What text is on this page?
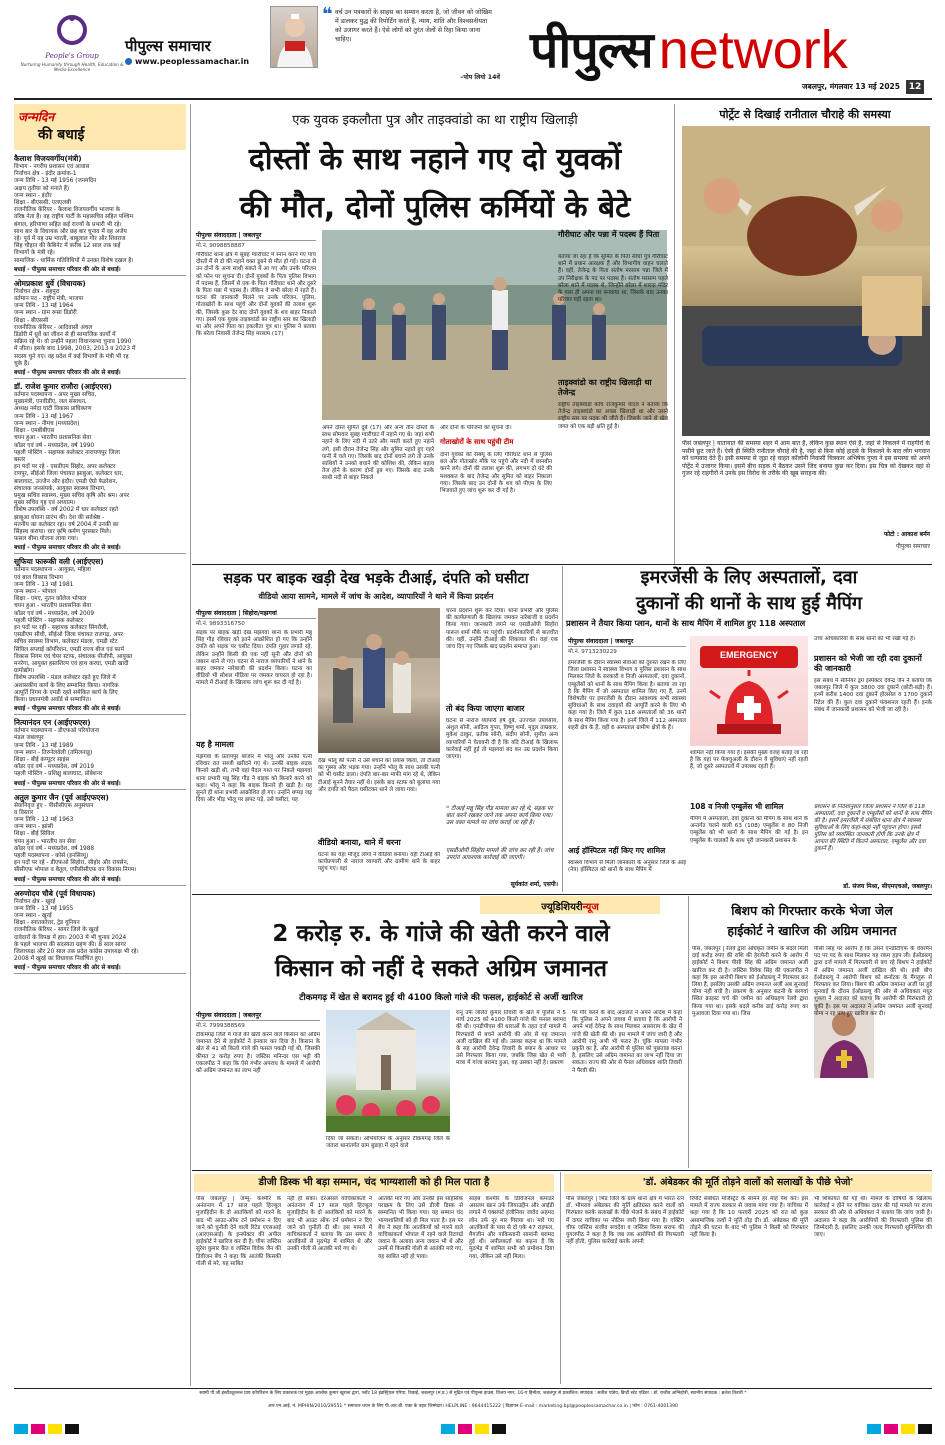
People's Group
Nurturing Humanity through Health, Education & Media Excellence
पीपुल्स समाचार
www.peoplessamachar.in
❝ वर्च उन पत्रकारों के साहस का सम्मान करता है, जो जीवन को जोखिम में डालकर युद्ध की रिपोर्टिंग करते हैं, न्याय, शांति और विश्वसनीयता को उजागर करते हैं। ऐसे लोगों को तुरंत जेलों से रिहा किया जाना चाहिए।
–पोप लियो 14वें पीपुल्स network
जबलपुर, मंगलवार 13 मई 2025 12
जन्मदिन
की बधाई
कैलाश विजयवर्गीय(मंत्री)
विभाग - नगरीय प्रशासन एवं आवास
निर्वाचन क्षेत्र - इंदौर क्रमांक-1
जन्म तिथि - 13 मई 1956 (जनमदिन
अक्षय तृतीया को मनाते हैं)
जन्म स्थान - इंदौर
शिक्षा - बीएससी, एलएलबी
राजनीतिक कॅरियर - कैलाश विजयवर्गीय भाजपा के
वरिष्ठ नेता हैं। वह राष्ट्रीय पार्टी के महासचिव सहित पश्चिम
बंगाल, हरियाणा सहित कई राज्यों के प्रभारी भी रहे।
साथ बार के विधायक और छह बार चुनाव में वह अजेय
रहे। पूर्व में वह उम्र भारती, बाबूलाल गौर और शिवराज
सिंह चौहान की कैबिनेट में करीब 12 साल तक कई
विभागों के मंत्री रहे।
सामाजिक - धार्मिक गतिविधियों में उनका विशेष दखल है।
बधाई - पीपुल्स समाचार परिवार की ओर से बधाई।
ओमप्रकाश धुर्वे (विधायक)
निर्वाचन क्षेत्र - शहपुरा
वर्तमान पद - राष्ट्रीय मंत्री, भाजपा
जन्म तिथि - 13 मई 1964
जन्म स्थान - ग्राम रूसा डिंडोरी
शिक्षा - बीएससी
राजनीतिक कॅरियर - आदिवासी अंचल
डिंडोरी में धुर्वे का जीवन से ही सामाजिक कार्यों में
सक्रिय रहे थे। वो उन्होंने पहला विधानसभा चुनाव 1990
में जीता। इसके बाद 1998, 2003, 2013 व 2023 में
सदस्य चुने गए। वह प्रदेश में कई विभागों के मंत्री भी रह
चुके हैं।
बधाई - पीपुल्स समाचार परिवार की ओर से बधाई।
डॉ. राजेश कुमार राजौरा (आईएएस)
वर्तमान पदस्थापना - अपर मुख्य सचिव,
मुख्यमंत्री, एनवीडीए, जल संसाधन,
अध्यक्ष नर्मदा घाटी विकास प्राधिकरण
जन्म तिथि - 13 मई 1967
जन्म स्थान - नीमच (मध्यप्रदेश)
शिक्षा - एमबीबीएस
चयन हुआ - भारतीय प्रशासनिक सेवा
कॉडर एवं वर्ष - मध्यप्रदेश, वर्ष 1990
पहली पोस्टिंग - सहायक कलेक्टर नारायणपुर जिला
बस्तर
इन पदों पर रहे - एसडीएम सिहोर, अपर कलेक्टर
रायपुर, सीईओ जिला पंचायत झाबुआ, कलेक्टर धार,
बालाघाट, उज्जैन और इंदौर। एमडी ऐग्रो फेडरेशन,
संचालक जनसंपर्क, आयुक्त स्वास्थ्य विभाग,
प्रमुख सचिव स्वास्थ्य, मुख्य सचिव कृषि और श्रम। अपर
मुख्य सचिव गृह एवं अध्यात्म।
विशेष उपलब्धि - वर्ष 2002 में धार कलेक्टर रहते
झाबुआ धोवना प्रारंभ की। देश की सर्वश्रेष्ठ -
मतनीय का कलेक्टर रहा। वर्ष 2004 में उनकी का
सिंहस्थ कराया। धार कृषि कर्मण पुरस्कार मिले।
फसल बीमा योजना लाया गया।
बधाई - पीपुल्स समाचार परिवार की ओर से बधाई।
सूफिया फारूकी वली (आईएएस)
वर्तमान पदस्थापना - आयुक्त, महिला
एवं बाल विकास विभाग
जन्म तिथि - 13 मई 1981
जन्म स्थान - भोपाल
शिक्षा - एमए, नूतन कॉलेज भोपाल
चयन हुआ - भारतीय प्रशासनिक सेवा
कॉडर एवं वर्ष - मध्यप्रदेश, वर्ष 2009
पहली पोस्टिंग - सहायक कलेक्टर
इन पदों पर रहीं - सहायक कलेक्टर सिंगरौली,
एसडीएम सीधी, सीईओ जिला पंचायत राजगढ़, अपर
सचिव स्वास्थ्य विभाग, कलेक्टर मंडला, एमडी स्टेट
सिविल सप्लाई कॉर्पोरेशन, एमडी राज्य बीज एवं फार्म
विकास निगम एवं चेयर स्टाफ, संचालक पीजीपी, आयुक्त
मनरेगा, आयुक्त हस्तशिल्प एवं हाथ करघा, एमडी खादी
ग्रामोद्योग।
विशेष उपलब्धि - मंडल कलेक्टर रहते हुए जिले में
अशासकीय कार्य के लिए सम्मानित किया। नागरिक
आपूर्ति निगम के एमडी रहते समेकित कार्य के लिए
किया। प्रधानमंत्री अवॉर्ड से सम्मानित।
बधाई - पीपुल्स समाचार परिवार की ओर से बधाई।
नित्यानंदन एन (आईएफएस)
वर्तमान पदस्थापना - डीएफओ परियोजना
मंडल जबलपुर
जन्म तिथि - 13 मई 1989
जन्म स्थान - तिरुनेलवेली (तमिलनाडु)
शिक्षा - बीई कंप्यूटर साइंस
कॉडर एवं वर्ष - मध्यप्रदेश, वर्ष 2019
पहली पोस्टिंग - प्रशिक्षु बालाघाट, प्रोबेशनर
बधाई - पीपुल्स समाचार परिवार की ओर से बधाई।
अतुल कुमार जैन (पूर्व आईएफएस)
सेवानिवृत्त हुए - पीसीसीएफ अनुसंधान
व विस्तार
जन्म तिथि - 13 मई 1963
जन्म स्थान - झांसी
शिक्षा - बीई सिविल
चयन हुआ - भारतीय वन सेवा
कॉडर एवं वर्ष - मध्यप्रदेश, वर्ष 1988
पहली पदस्थापना - कोर्स (इनसिव्यू)
इन पदों पर रहे - डीएफओ सिहोरा, सीहोर और रायसेन,
सीसीएफ भोपाल व बैतूल, एपीसीसीएफ वन विकास निगम।
बधाई - पीपुल्स समाचार परिवार की ओर से बधाई।
अरुणोदय चौबे (पूर्व विधायक)
निर्वाचन क्षेत्र - खुरई
जन्म तिथि - 13 मई 1955
जन्म स्थान - खुरई
शिक्षा - स्नातकोत्तर, ट्रेड यूनियन
राजनीतिक कॅरियर - सागर जिले के खुरई
दावेदारों के विपक्ष में हार। 2003 में भी चुनाव 2024
के पहले भाजपा की सदस्यता ग्रहण की। 8 साल सागर
जिलाध्यक्ष और 20 साल तक प्रदेश कांग्रेस उपाध्यक्ष भी रहे।
2008 में खुरई का विधायक निर्वाचित हुए।
बधाई - पीपुल्स समाचार परिवार की ओर से बधाई।
एक युवक इकलौता पुत्र और ताइक्वांडो का था राष्ट्रीय खिलाड़ी
दोस्तों के साथ नहाने गए दो युवकों
की मौत, दोनों पुलिस कर्मियों के बेटे
पीपुल्स संवाददाता | जबलपुर
मो.नं. 9098858887
गौरीघाट थाना क्षेत्र में सुबह ग्वारीघाट में स्नान करने गए पांच दोस्तों में से दो की नहाने वक्त डूबने से मौत हो गई। घटना से उन दोनों के अन्य साथी सकते में आ गए और उनके परिजन को फोन पर सूचना दी। दोनों युवकों के पिता पुलिस विभाग में पदस्थ हैं, जिसमें से एक के पिता गौरीघाट थाने और दूसरे के पिता पन्ना में पदस्थ हैं। लेकिन वे सभी बरेला में रहते हैं। घटना की जानकारी मिलने पर उनके परिजन, पुलिस, गोताखोरों के साथ पहुंचे और दोनों युवकों की तलाश शुरू की, जिसके कुछ देर बाद दोनों युवकों के शव बाहर निकाले गए। इसमें एक युवक ताइक्वांडो का राष्ट्रीय स्तर का खिलाड़ी था और अपने पिता का इकलौता पुत्र था। पुलिस ने बताया कि बरेला निवासी तेजेन्द्र सिंह मरसाम (17)
अपने दोस्त सुमित दुबे (17) और अन्य तीन दोस्तों के साथ सोमवार सुबह ग्वारीघाट में नहाने गए थे। जहां सभी नहाने के लिए नदी में उतरे और मस्ती करते हुए नहाने लगे, इसी दौरान तेजेन्द्र सिंह और सुमित नहाते हुए गहरे पानी में चले गए। जिसके बाद दोनों बचाने लगे तो उनके साथियों ने उनको बचाने की कोशिश की, लेकिन बहाव तेज होने के कारण दोनों डूब गए। जिसके बाद उनके साथी नदी से बाहर निकले
और दोनों के परिजनों को सूचना दी।
गोताखोरों के साथ पहुंची टीम
दोनों युवकों की रेस्क्यू के लिए गौरीघाट थाने से पुलिस बल और गोताखोर मौके पर पहुंचे और नदी में छानबीन करने लगे। दोनों की तलाश शुरू की, लगभग दो घंटे की मशक्कत के बाद तेजेन्द्र और सुमित को बाहर निकाला गया। जिसके बाद उन दोनों के शव को पीएम के लिए भिजवाते हुए जांच शुरू कर दी गई है।
गौरीघाट और पन्ना में पदस्थ हैं पिता
बताया जा रहा है कि सुमित के पिता सीधी पुत्र गौरीघाट थाने में प्रधान आरक्षक हैं और विभागीय वाहन चलाते हैं। वहीं, तेजेन्द्र के पिता संतोष मरसाम पन्ना जिले में उप निरीक्षक के पद पर पदस्थ हैं। संतोष मरसाम पहले बरेला थाने में पदस्थ थे, जिन्होंने बरेला में शारदा मंदिर के पास ही अपना घर बनवाया था, जिसके बाद उनका परिवार यहीं रहता था।
ताइक्वांडो का राष्ट्रीय खिलाड़ी था तेजेन्द्र
राष्ट्रीय ताइक्वांडो कोच राजकुमार यादव ने बताया कि तेजेन्द्र ताइक्वांडो का अच्छा खिलाड़ी था और उसने राष्ट्रीय स्तर पर पदक भी जीते हैं। जिसके जाने से खेल जगत को एक बड़ी क्षति हुई है।
पोर्ट्रेट से दिखाई रानीताल चौराहे की समस्या
पीसं जबलपुर | यातायात की समस्या शहर में आम बात है, लेकिन कुछ स्थान ऐसे हैं, जहां से निकलने में राहगीरों के पसीने छूट जाते हैं। ऐसी ही स्थिति रानीताल चौराहे की है, जहां से बिना कोई हादसे के निकलने के बाद लोग भगवान को धन्यवाद देते हैं। इसी समस्या से जुड़ा रहे चाहत कॉलोनी निवासी चित्रकार अभिषेक गुप्ता ने इस समस्या को अपने पोर्ट्रेट में उजागर किया। इसमें बीच सड़क में बैठकर उसने जिंद बनाया कुछ कर दिया। इस चित्र को देखकर वहां से गुजर रहे राहगीरों ने उनके इस विरोध के तरीके की खूब सराहना की।
फोटो : आकाश बर्मन
पीपुल्स समाचार
सड़क पर बाइक खड़ी देख भड़के टीआई, दंपति को घसीटा
वीडियो आया सामने, मामले में जांच के आदेश, व्यापारियों ने थाने में किया प्रदर्शन
पीपुल्स संवाददाता | सिहोरा/मझगवां
मो.नं. 9893316750
सड़क पर बाइक खड़ी देख मझगवां थाना के प्रभारी मन्नू सिंह गौड़ रविवार को इतने आक्रोशित हो गए कि उन्होंने दंपति को सड़क पर घसीट दिया। दंपति गुहार लगाते रहे, लेकिन उन्होंने किसी की एक नहीं सुनी और दोनों को जबरन थाने ले गए। घटना से नाराज व्यापारियों ने थाने के बाहर जमकर नारेबाजी की प्रदर्शन किया। घटना का वीडियो भी सोशल मीडिया पर जमकर वायरल हो रहा है। मामले में टीआई के खिलाफ जांच शुरू कर दी गई है।
यह है मामला
मझगवां के प्रतापपुर बाजार में भोलू और उनकी पत्नी रविवार रात सब्जी खरीदने गए थे। उनकी बाइक सड़क किनारे खड़ी थी, तभी वहां पैदल गश्त पर निकले मझगवां थाना प्रभारी मन्नू सिंह गौड़ ने बाइक को किनारे करने को कहा। भोलू ने कहा कि बाइक किनारे ही खड़ी है। यह सुनते ही थाना प्रभारी आक्रोशित हो गए। उन्होंने थप्पड़ जड़ दिया और भीड़ भोलू पर झपट पड़े, उसे घसीटा, यह
देख भोलू की पत्नी ने उसे बचाने का प्रयास किया, तो टीआई का गुस्सा और भड़क गया। उन्होंने भोलू के साथ उसकी पत्नी को भी घसीट डाला। दंपति बार-बार माफी मांग रहे थे, लेकिन टीआई सुनने तैयार नहीं थे। इसके बाद स्टाफ को बुलाया गया और दंपति को पैदल घसीटकर थाने ले जाया गया।
वीडियो बनाया, थाने में धरना
घटना का वहां मौजूद लोगों ने वीडियो बनाया। वहीं टीआई की कार्यप्रणाली से नाराज व्यापारी और ग्रामीण थाने के बाहर पहुंच गए। वहां
धरना प्रदर्शन शुरू कर दिया। थाना प्रभारी और पुलिस की कार्यप्रणाली के खिलाफ जमकर नारेबाजी व प्रदर्शन किया गया। जानकारी लगने पर एसडीओपी सिहोरा पारूल शर्मा मौके पर पहुंचीं। प्रदर्शनकारियों से बातचीत की। वहीं, उन्होंने टीआई की शिकायत की। वहां एक जांच दिए गए जिसके बाद प्रदर्शन समाप्त हुआ।
तो बंद किया जाएगा बाजार
घटना से नाराज व्यापारी हर्ष दुबे, उज्ज्वल उपाध्याय, अंशुल सोनी, आदित्य गुप्ता, विष्णु शर्मा, मृदुल ताम्रकार, मुकेश ठाकुर, प्रतीक सोनी, संदीप सोनी, सुमीत अन्य व्यापारियों ने चेतावनी दी है कि यदि टीआई के खिलाफ कार्रवाई नहीं हुई तो मझगवां बंद कर उग्र प्रदर्शन किया जाएगा।
❝ टीआई मन्नू सिंह गौड़ मामला कर रहे थे, सड़क पर बात करने रखकर जाने तक अपना कार्य किया गया। उस वक्त मामले पर जांच कराई जा रही है।
एसडीओपी सिहोरा मामले की जांच कर रही हैं। जांच उपरांत आवश्यक कार्रवाई की जाएगी।
सूर्यकांत शर्मा, एसपी।
इमरजेंसी के लिए अस्पतालों, दवा
दुकानों की थानों के साथ हुई मैपिंग
प्रशासन ने तैयार किया प्लान, थानों के साथ मैपिंग में शामिल हुए 118 अस्पताल
पीपुल्स संवाददाता | जबलपुर
मो.नं. 9713230229	EMERGENCY
इमरजेंसी के दौरान स्वास्थ्य सेवाओं को दुरुस्त रखने के लिए जिला प्रशासन ने स्वास्थ्य विभाग व पुलिस प्रशासन के साथ मिलकर जिले के सरकारी व निजी अस्पतालों, दवा दुकानों, एम्बुलेंसों को थानों के साथ मैपिंग किया है। बताया जा रहा है कि मैपिंग में जो अस्पताल शामिल किए गए हैं, उनमें विशेषतौर पर इमरजेंसी के दौरान आवश्यक सभी स्वास्थ्य सुविधाओं के साथ दवाइयों की आपूर्ति करने के लिए भी कहा गया है। जिले में कुल 118 अस्पतालों को 36 थानों के साथ मैपिंग किया गया है। इनमें जिले में 112 अस्पताल शहरी क्षेत्र के हैं, वहीं 6 अस्पताल ग्रामीण क्षेत्रों के हैं।
आई हॉस्पिटल नहीं किए गए शामिल
स्वास्थ्य विभाग से मिली जानकारी के अनुसार जिले के आई (नेत्र) हॉस्पिटल को थानों के साथ मैपिंग में
शामिल नहीं किया गया है। इसकी मुख्य वजह बताई जा रही है कि यहां पर फेक्चुअली के दौरान ये सुविधाएं नहीं रहती हैं, जो दूसरे अस्पतालों में उपलब्ध रहती हैं।
108 व निजी एम्बुलेंस भी शामिल
मैपिंग में अस्पतालों, दवा दुकानों को मैपिंग के साथ थाने के अन्तर्गत चलने वाली 63 (108) एम्बुलेंस व 80 निजी एम्बुलेंस को भी थानों के साथ मैपिंग की गई है। इन एम्बुलेंस के चालकों के साथ पूरी जानकारी प्रशासन के
उच्च अधिकारियों के साथ थानों को भी रखी गई है।
प्रशासन को भेजी जा रही दवा दुकानों की जानकारी
इस संबंध में सीनियर ड्रग इंस्पेक्टर देवेन्द्र जैन ने बताया कि जबलपुर जिले में कुल 3800 दवा दुकानें (छोटी-बड़ी) हैं। इनमें करीब 1400 दवा दुकानें होलसेल व 1700 दुकानें रिटेल की हैं। कुल दवा दुकानें फंक्शनल रहती हैं। इनके संबंध में जानकारी प्रशासन को भेजी जा रही है।
प्रशासन के निर्देशानुसार जिला प्रशासन ने जिले के 118 अस्पतालों, दवा दुकानों व एम्बुलेंसों को थानों के साथ मैपिंग की है। इसमें इमरजेंसी में संबंधित थाना क्षेत्र में स्वास्थ्य सुविधाओं के लिए कहां-कहां नहीं पहुंचना होगा। इससे पुलिस को व्यवस्थित जानकारी होगी कि उनके क्षेत्र में आपात की स्थिति में कितने अस्पताल, एम्बुलेंस और दवा दुकानें हैं।
डॉ. संजय मिश्रा, सीएमएचओ, जबलपुर।
ज्यूडिशियरीन्यूज
2 करोड़ रु. के गांजे की खेती करने वाले
किसान को नहीं दे सकते अग्रिम जमानत
टीकमगढ़ में खेत से बरामद हुई थी 4100 किलो गांजे की फसल, हाईकोर्ट से अर्जी खारिज
पीपुल्स संवाददाता | जबलपुर
मो.नं. 7999388569
टीकमगढ़ जिले में गांजे की खेती करने वाले किसान को अग्रिम जमानत देने से हाईकोर्ट ने इनकार कर दिया है। किसान के खेत से 41 सौ किलो गांजे की फसल पकड़ी गई थी, जिसकी कीमत 2 करोड़ रुपए है। जस्टिस मनिन्दर एस भट्टी की एकलपीठ ने कहा कि ऐसे गंभीर अपराध के मामले में आरोपी को अग्रिम जमानत का लाभ नहीं
दिया जा सकता। अभियोजन के अनुसार टीकमगढ़ जिले के जतारा थानांतर्गत ग्राम बुडाहा में रहने वाले
रानू उर्फ ललित कुमार तिवारी के खेत में पुलिस ने 5 मार्च 2025 को 4100 किलो गांजे की फसल बरामद की थी। एनडीपीएस की धाराओं के तहत दर्ज मामले में गिरफ्तारी से बचने आरोपी की ओर से यह जमानत अर्जी दाखिल की गई थी। उसका कहना था कि मामले के सह आरोपी देवेन्द्र तिवारी के बयान के आधार पर उसे गिरफ्तार किया गया, जबकि जिस खेत से भारी मात्रा में गांजा बरामद हुआ, वह उसका नहीं है। प्रकरण
पर गौर करने के बाद अदालत ने अपने आदेश में कहा कि पुलिस ने अपने जवाब में बताया है कि आरोपी ने अपने भाई देवेन्द्र के साथ मिलकर आसाराम के खेत में गांजे की खेती की थी। इस मामले में जांच जारी है और आरोपी रानू अभी भी फरार है। चूंकि मामला गंभीर प्रकृति का है, और आरोपी से पुलिस को पूछताछ करना है, इसलिए उसे अग्रिम जमानत का लाभ नहीं दिया जा सकता। राज्य की ओर से पैनल अधिवक्ता शांति तिवारी ने पैरवी की।
बिशप को गिरफ्तार करके भेजा जेल
हाईकोर्ट ने खारिज की अग्रिम जमानत
पीसं, जबलपुर | रेलवे द्वारा अधिकृत जमीन के बदले मिली दाई करोड़ रुपए की राशि की हेराफेरी करने के आरोप में हाईकोर्ट ने बिशप पीसी सिंह की अग्रिम जमानत अर्जी खारिज कर दी है। जस्टिस विवेक सिंह की एकलपीठ ने कहा कि इस आरोपी बिशप को ईओडब्ल्यू ने गिरफ्तार कर लिया है, इसलिए उसकी अग्रिम जमानत अर्जी अब सुनवाई योग्य नहीं बची है। प्रकरण के अनुसार कटनी के बरगवां स्थित क्राइस्ट चर्च की जमीन का अधिग्रहण रेलवे द्वारा किया गया था। इसके बदले करीब ढाई करोड़ रुपए का मुआवजा दिया गया था। जिस
पीसी सिंह पर आरोप है कि उसने एनडीटीएफ के वेयरमैन पद पर पद के साथ मिलकर यह रकम हड़प ली। ईओडब्ल्यू द्वारा दर्ज मामले में गिरफ्तारी से बच रहे बिशप ने हाईकोर्ट में अग्रिम जमानत अर्जी दाखिल की थी। इसी बीच ईओडब्ल्यू ने आरोपी बिशप को कर्नाटक के मैंगलुरू से गिरफ्तार कर लिया। बिशप की अग्रिम जमानत अर्जी पर हुई सुनवाई के दौरान ईओडब्ल्यू की ओर से अधिवक्ता मधुर शुक्ला ने अदालत को बताया कि आरोपी की गिरफ्तारी हो चुकी है। इस पर अदालत ने अग्रिम जमानत अर्जी सुनवाई योग्य न रह पाए हुए खारिज कर दी।
डीजी डिस्क भी बड़ा सम्मान, चंद भाग्यशाली को ही मिल पाता है
पीसं जबलपुर | जम्मू- कश्मीर के अनंतनाग में 17 साल पहले हिज्बुल मुजाहिदीन के दो आतंकियों को मारने के बाद भी आउट-ऑफ टर्न प्रमोशन न दिए जाने को चुनौती देने वाली रिटेड एएसआई (आरएसआई) के इन्स्पेक्टर की अपील हाईकोर्ट ने खारिज कर दी है। चीफ जस्टिस सुरेश कुमार कैत व जस्टिस विवेक जैन की डिवीजन बेंच ने कहा कि आतंकी किसकी गोली से मरे, यह साबित
नहीं हो सका। दरअसल याचिकाकर्ता ने अनंतनाग में 17 साल पहले हिज्बुल मुजाहिदीन के दो आतंकियों को मारने के बाद भी आउट ऑफ टर्न प्रमोशन न दिए जाने को चुनौती दी थी। इस मामले में याचिकाकर्ता ने बताया कि उस समय वे आतंकियों से मुठभेड़ में शामिल थे और उनकी गोली से आतंकी मारे गए थे।
आतंकी मारे गए और उनकी इस साहसिक पराक्रम के लिए उसे डीजी डिस्क से सम्मानित भी किया गया। यह सम्मान चंद भाग्यशालियों को ही मिल पाता है। इस पर बेंच ने कहा कि आतंकियों को मारने वाले याचिकाकर्ता भोपाल में रहने वाले रिटायर्ड जवान के अलावा अन्य जवान भी थे और उनमें से किसकी गोली से आतंकी मारे गए, यह साबित नहीं हो पाया।
साहब कश्मीर के डिविजनल कमांडर असलम खान उर्फ जियाउद्दीन और आईडी लगाने में एक्सपर्ट इंजीनियर जावेद अहमद लोन उर्फ नूर मार गिराया था। मारे गए आतंकियों के पास से दो एके 47 राइफल, मैगजीन और पाकिस्तानी सामानी बरामद हुई थी। अपीलकर्ता का कहना है कि मुठभेड़ में शामिल सभी को प्रमोशन दिया गया, लेकिन उसे नहीं मिला।
'डॉ. अंबेडकर की मूर्ति तोड़ने वालों को सलाखों के पीछे भेजो'
पीसं जबलपुर | भिंड जिले के ग्राम थाना क्षेत्र में भारत रत्न डॉ. भीमराव अंबेडकर की मूर्ति क्षतिग्रस्त करने वालों को गिरफ्तार करके सलाखों के पीछे भेजने के संबंध में हाईकोर्ट में दायर याचिका पर नोटिस जारी किया गया है। एक्टिंग चीफ जस्टिस संजीव सचदेवा व जस्टिस विनय सराफ की युगलपीठ ने कहा है कि जब तक आरोपियों की गिरफ्तारी नहीं होती, पुलिस कार्रवाई करके अपनी
रिपोर्ट संबंधित मजिस्ट्रेट के सामने हर माह पेश करें। इस मामले में राज्य सरकार से जवाब मांगा गया है। याचिका में कहा गया है कि 10 फरवरी 2025 को रात को कुछ असामाजिक तत्वों ने मूर्ति तोड़ दी। डॉ. अंबेडकर की मूर्ति तोड़ने की घटना के बाद भी पुलिस ने किसी को गिरफ्तार नहीं किया है।
भी शिकायत की गई थी। मामले के दोषियों के खिलाफ कार्रवाई न होने पर याचिका दायर की गई मामले पर राज्य सरकार की ओर से अधिवक्ता ने बताया कि जांच जारी है। अदालत ने कहा कि आरोपियों की गिरफ्तारी पुलिस की जिम्मेदारी है, इसलिए उनकी जल्द गिरफ्तारी सुनिश्चित की जाए।
स्वामी पी.जी.इंस्टीट्यूशनल प्राय कॉर्पोरेशन के लिए प्रकाशक एवं मुद्रक आलोक कुमार खुराना द्वारा, प्लॉट 18 इंडस्ट्रियल एरिया, रिछाई, जबलपुर (म.प्र.) से मुद्रित एवं पीपुल्स हाउस, विजय नगर, 16-ए हिनौता, जबलपुर से प्रकाशित। संपादक : सतीश पांडेय, डिप्टी स्टेट एडिटर : डॉ. राजीव अग्निहोत्री, स्थानीय संपादक : ब्रजेश तिवारी *
आर.एन.आई. नं. MPHIN/2010/29551 * समाचार चयन के लिए पी.आर.बी. एक्ट के तहत जिम्मेदार। HELPLINE : 9644415222 | विज्ञापन E-mail : marketing.bpl@peoplessamachar.co.in | फोन : 0761-4001390
